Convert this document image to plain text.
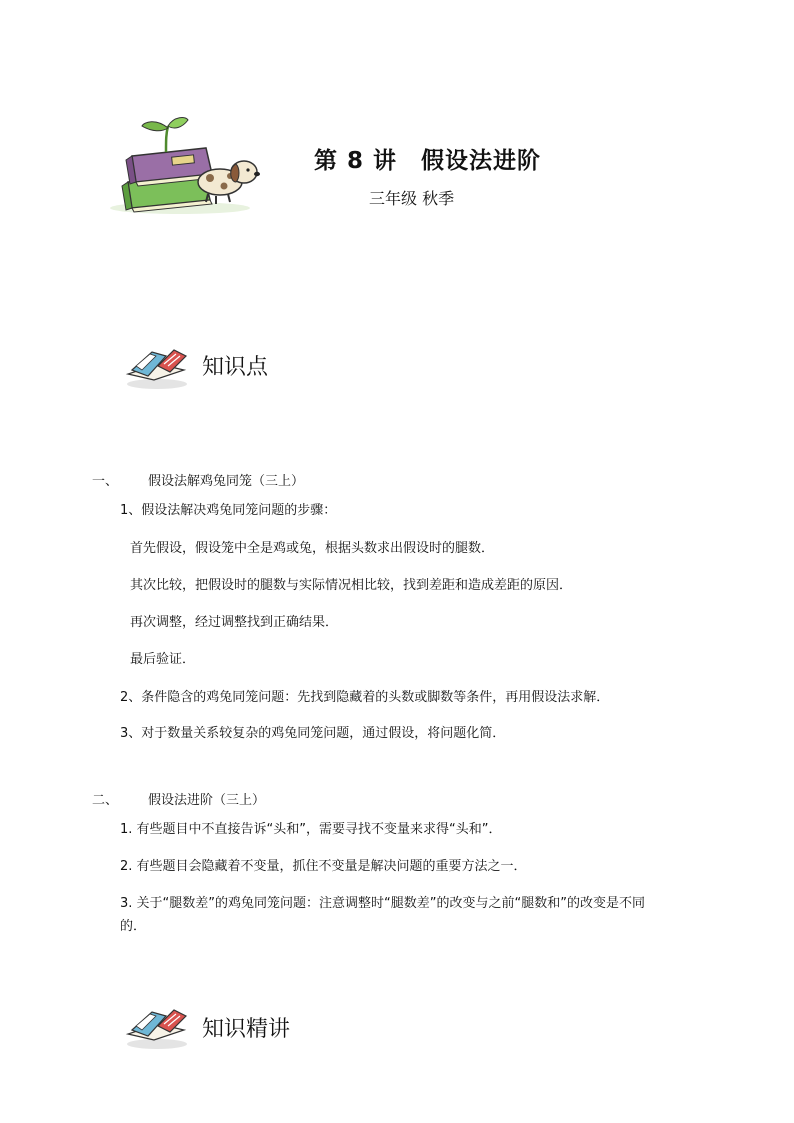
第 8 讲　假设法进阶
三年级 秋季
知识点
一、 假设法解鸡兔同笼（三上）
1、假设法解决鸡兔同笼问题的步骤：
首先假设，假设笼中全是鸡或兔，根据头数求出假设时的腿数．
其次比较，把假设时的腿数与实际情况相比较，找到差距和造成差距的原因．
再次调整，经过调整找到正确结果．
最后验证．
2、条件隐含的鸡兔同笼问题：先找到隐藏着的头数或脚数等条件，再用假设法求解．
3、对于数量关系较复杂的鸡兔同笼问题，通过假设，将问题化简．
二、 假设法进阶（三上）
1. 有些题目中不直接告诉“头和”，需要寻找不变量来求得“头和”．
2. 有些题目会隐藏着不变量，抓住不变量是解决问题的重要方法之一．
3. 关于“腿数差”的鸡兔同笼问题：注意调整时“腿数差”的改变与之前“腿数和”的改变是不同
的．
知识精讲
